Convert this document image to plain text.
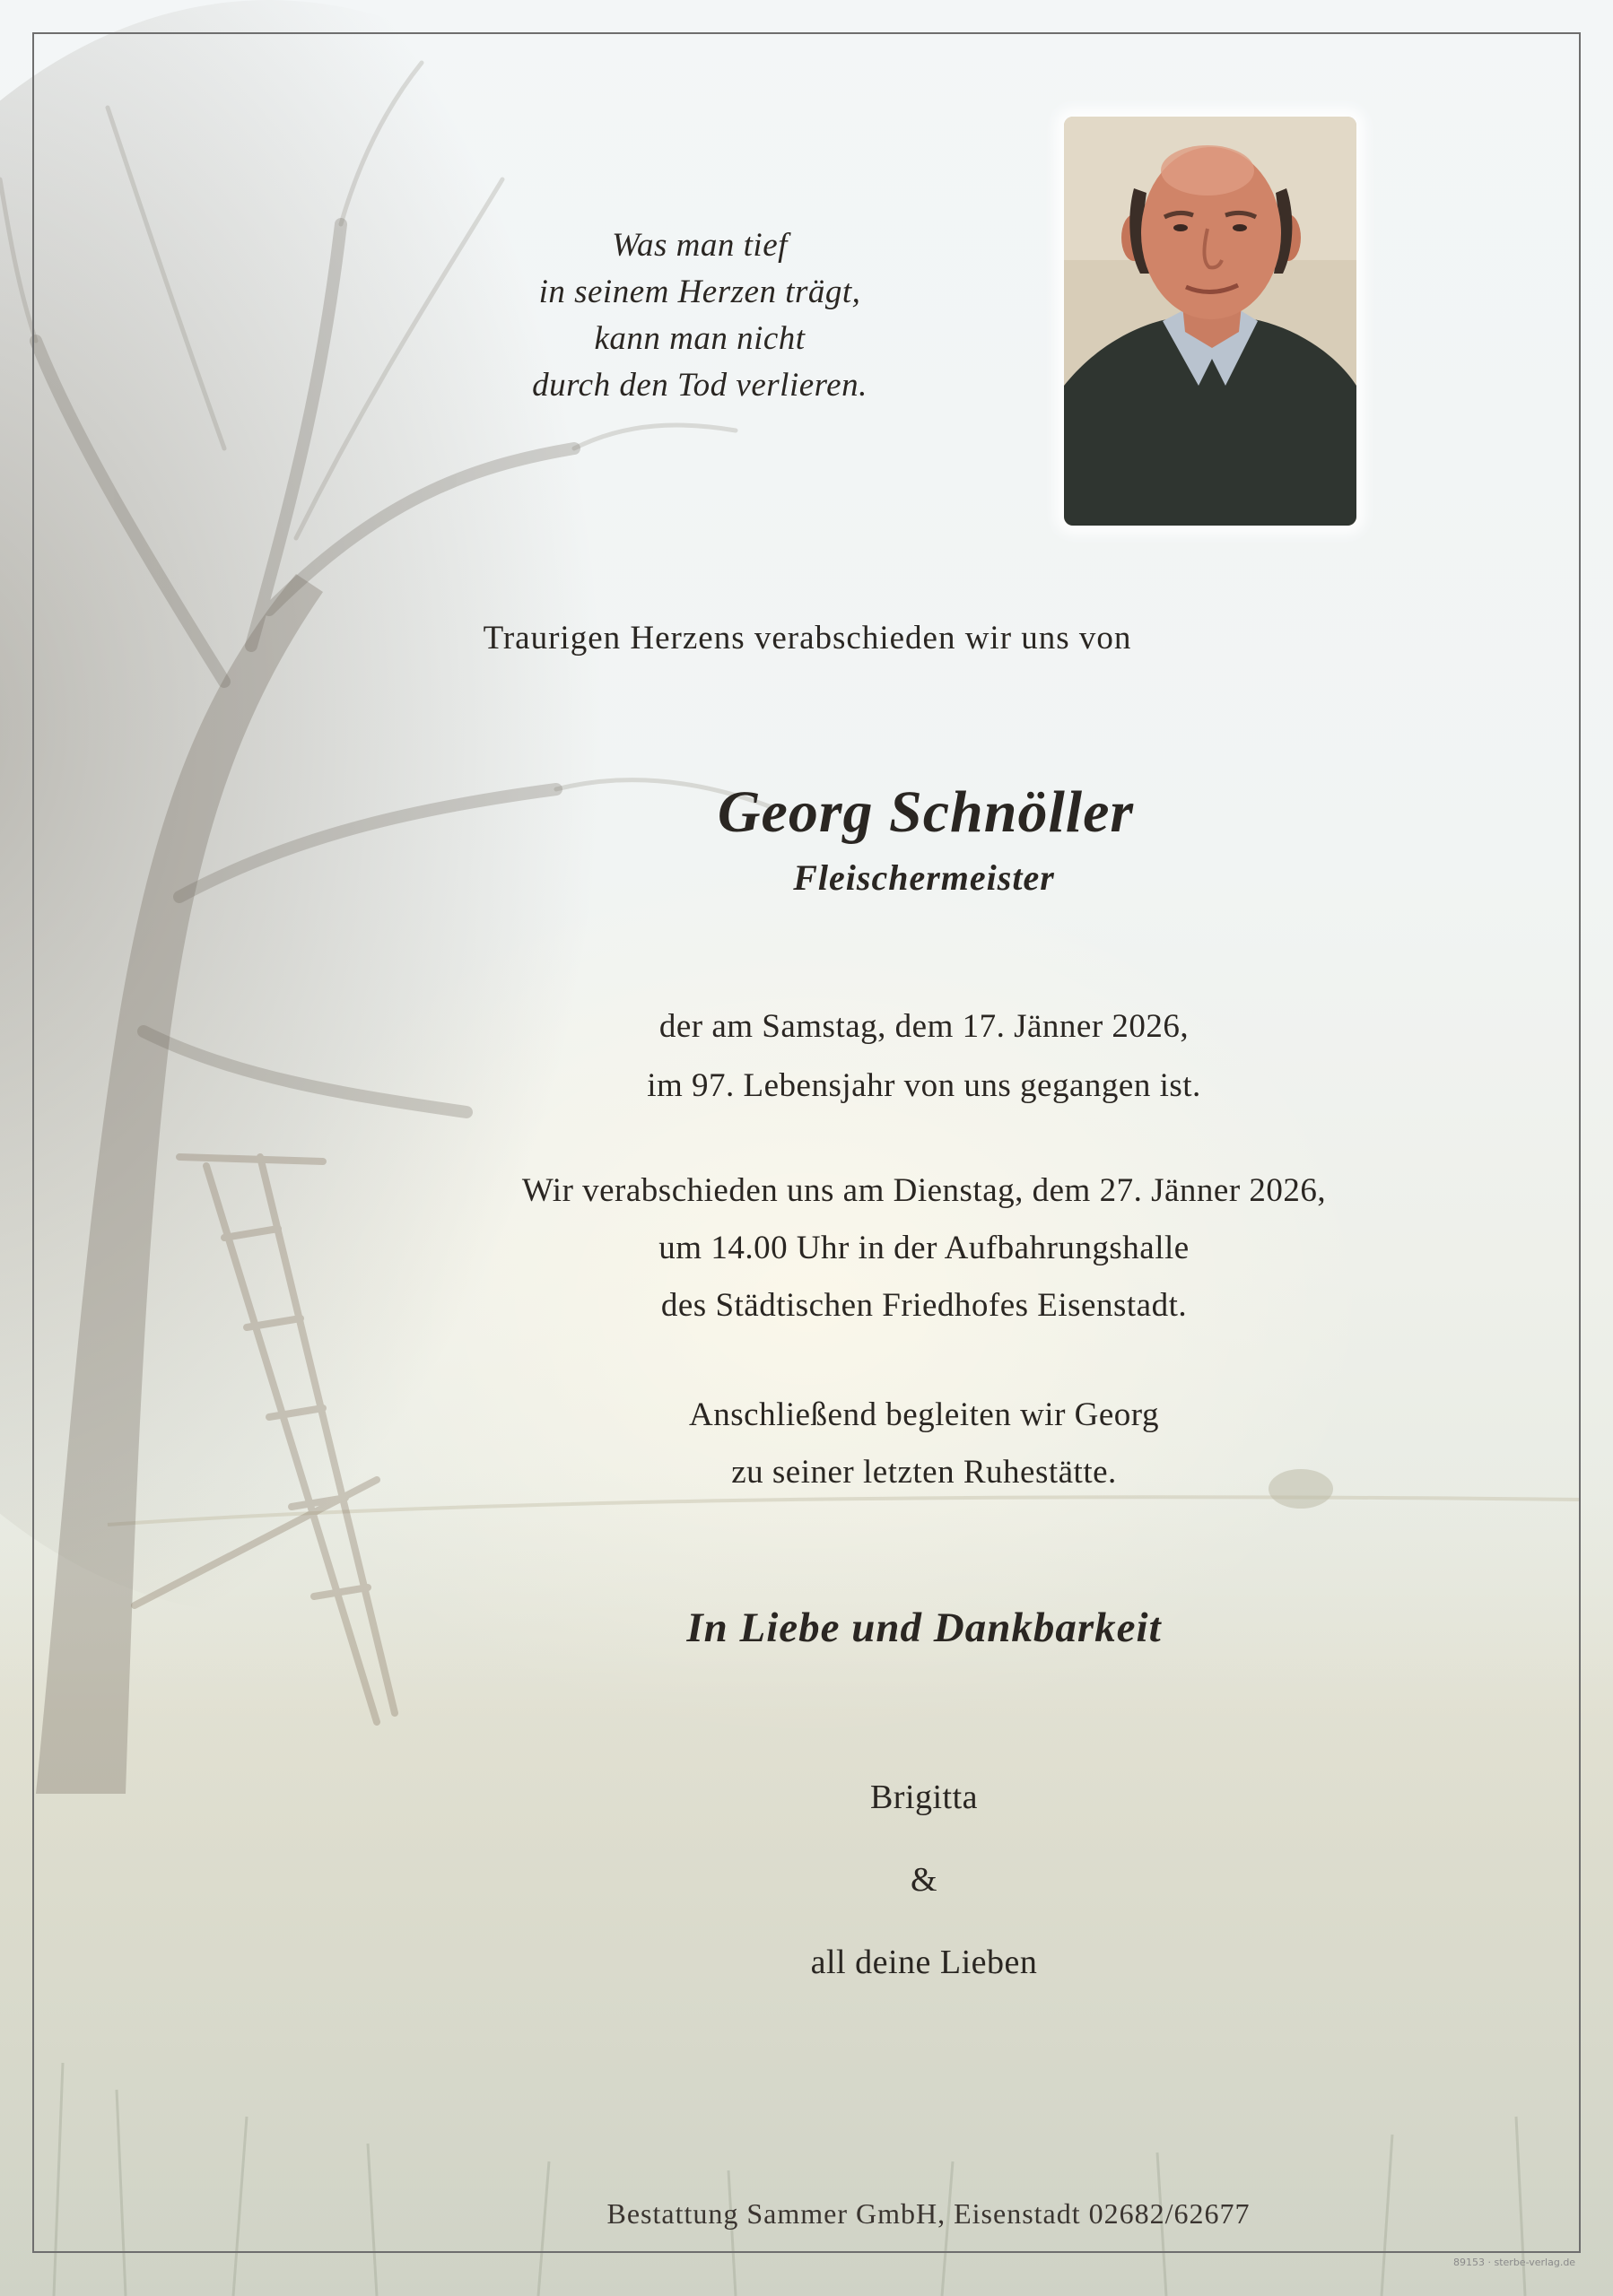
Was man tief
in seinem Herzen trägt,
kann man nicht
durch den Tod verlieren.
Traurigen Herzens verabschieden wir uns von
Georg Schnöller
Fleischermeister
der am Samstag, dem 17. Jänner 2026,
im 97. Lebensjahr von uns gegangen ist.
Wir verabschieden uns am Dienstag, dem 27. Jänner 2026,
um 14.00 Uhr in der Aufbahrungshalle
des Städtischen Friedhofes Eisenstadt.
Anschließend begleiten wir Georg
zu seiner letzten Ruhestätte.
In Liebe und Dankbarkeit
Brigitta
&
all deine Lieben
Bestattung Sammer GmbH, Eisenstadt 02682/62677
89153 · sterbe-verlag.de
